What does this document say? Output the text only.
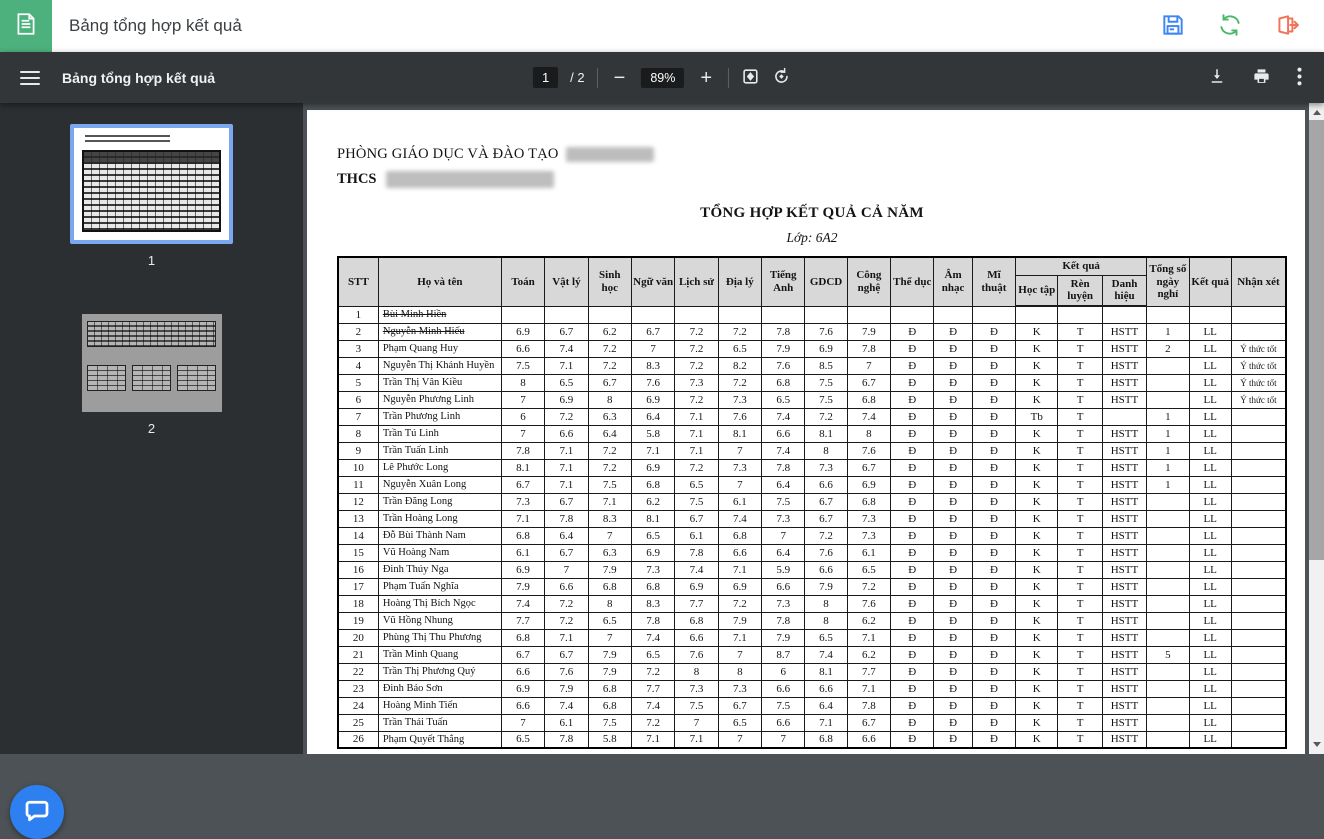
Bảng tổng hợp kết quả
Bảng tổng hợp kết quả	1	/ 2 −	89%	+
1
2
PHÒNG GIÁO DỤC VÀ ĐÀO TẠO
THCS
TỔNG HỢP KẾT QUẢ CẢ NĂM
Lớp: 6A2
STT	Họ và tên	Toán	Vật lý	Sinh học	Ngữ văn	Lịch sử	Địa lý	Tiếng Anh	GDCD	Công nghệ	Thể dục	Âm nhạc	Mĩ thuật	Kết quả			Tổng số ngày nghỉ	Kết quả	Nhận xét
														Học tập	Rèn luyện	Danh hiệu			
1	Bùi Minh Hiền																		
2	Nguyễn Minh Hiếu	6.9	6.7	6.2	6.7	7.2	7.2	7.8	7.6	7.9	Đ	Đ	Đ	K	T	HSTT	1	LL	
3	Phạm Quang Huy	6.6	7.4	7.2	7	7.2	6.5	7.9	6.9	7.8	Đ	Đ	Đ	K	T	HSTT	2	LL	Ý thức tốt
4	Nguyễn Thị Khánh Huyền	7.5	7.1	7.2	8.3	7.2	8.2	7.6	8.5	7	Đ	Đ	Đ	K	T	HSTT		LL	Ý thức tốt
5	Trần Thị Vân Kiều	8	6.5	6.7	7.6	7.3	7.2	6.8	7.5	6.7	Đ	Đ	Đ	K	T	HSTT		LL	Ý thức tốt
6	Nguyễn Phương Linh	7	6.9	8	6.9	7.2	7.3	6.5	7.5	6.8	Đ	Đ	Đ	K	T	HSTT		LL	Ý thức tốt
7	Trần Phương Linh	6	7.2	6.3	6.4	7.1	7.6	7.4	7.2	7.4	Đ	Đ	Đ	Tb	T		1	LL	
8	Trần Tú Linh	7	6.6	6.4	5.8	7.1	8.1	6.6	8.1	8	Đ	Đ	Đ	K	T	HSTT	1	LL	
9	Trần Tuấn Linh	7.8	7.1	7.2	7.1	7.1	7	7.4	8	7.6	Đ	Đ	Đ	K	T	HSTT	1	LL	
10	Lê Phước Long	8.1	7.1	7.2	6.9	7.2	7.3	7.8	7.3	6.7	Đ	Đ	Đ	K	T	HSTT	1	LL	
11	Nguyễn Xuân Long	6.7	7.1	7.5	6.8	6.5	7	6.4	6.6	6.9	Đ	Đ	Đ	K	T	HSTT	1	LL	
12	Trần Đăng Long	7.3	6.7	7.1	6.2	7.5	6.1	7.5	6.7	6.8	Đ	Đ	Đ	K	T	HSTT		LL	
13	Trần Hoàng Long	7.1	7.8	8.3	8.1	6.7	7.4	7.3	6.7	7.3	Đ	Đ	Đ	K	T	HSTT		LL	
14	Đỗ Bùi Thành Nam	6.8	6.4	7	6.5	6.1	6.8	7	7.2	7.3	Đ	Đ	Đ	K	T	HSTT		LL	
15	Vũ Hoàng Nam	6.1	6.7	6.3	6.9	7.8	6.6	6.4	7.6	6.1	Đ	Đ	Đ	K	T	HSTT		LL	
16	Đinh Thúy Nga	6.9	7	7.9	7.3	7.4	7.1	5.9	6.6	6.5	Đ	Đ	Đ	K	T	HSTT		LL	
17	Phạm Tuấn Nghĩa	7.9	6.6	6.8	6.8	6.9	6.9	6.6	7.9	7.2	Đ	Đ	Đ	K	T	HSTT		LL	
18	Hoàng Thị Bích Ngọc	7.4	7.2	8	8.3	7.7	7.2	7.3	8	7.6	Đ	Đ	Đ	K	T	HSTT		LL	
19	Vũ Hồng Nhung	7.7	7.2	6.5	7.8	6.8	7.9	7.8	8	6.2	Đ	Đ	Đ	K	T	HSTT		LL	
20	Phùng Thị Thu Phương	6.8	7.1	7	7.4	6.6	7.1	7.9	6.5	7.1	Đ	Đ	Đ	K	T	HSTT		LL	
21	Trần Minh Quang	6.7	6.7	7.9	6.5	7.6	7	8.7	7.4	6.2	Đ	Đ	Đ	K	T	HSTT	5	LL	
22	Trần Thị Phương Quý	6.6	7.6	7.9	7.2	8	8	6	8.1	7.7	Đ	Đ	Đ	K	T	HSTT		LL	
23	Đinh Bảo Sơn	6.9	7.9	6.8	7.7	7.3	7.3	6.6	6.6	7.1	Đ	Đ	Đ	K	T	HSTT		LL	
24	Hoàng Minh Tiến	6.6	7.4	6.8	7.4	7.5	6.7	7.5	6.4	7.8	Đ	Đ	Đ	K	T	HSTT		LL	
25	Trần Thái Tuấn	7	6.1	7.5	7.2	7	6.5	6.6	7.1	6.7	Đ	Đ	Đ	K	T	HSTT		LL	
26	Phạm Quyết Thắng	6.5	7.8	5.8	7.1	7.1	7	7	6.8	6.6	Đ	Đ	Đ	K	T	HSTT		LL	
